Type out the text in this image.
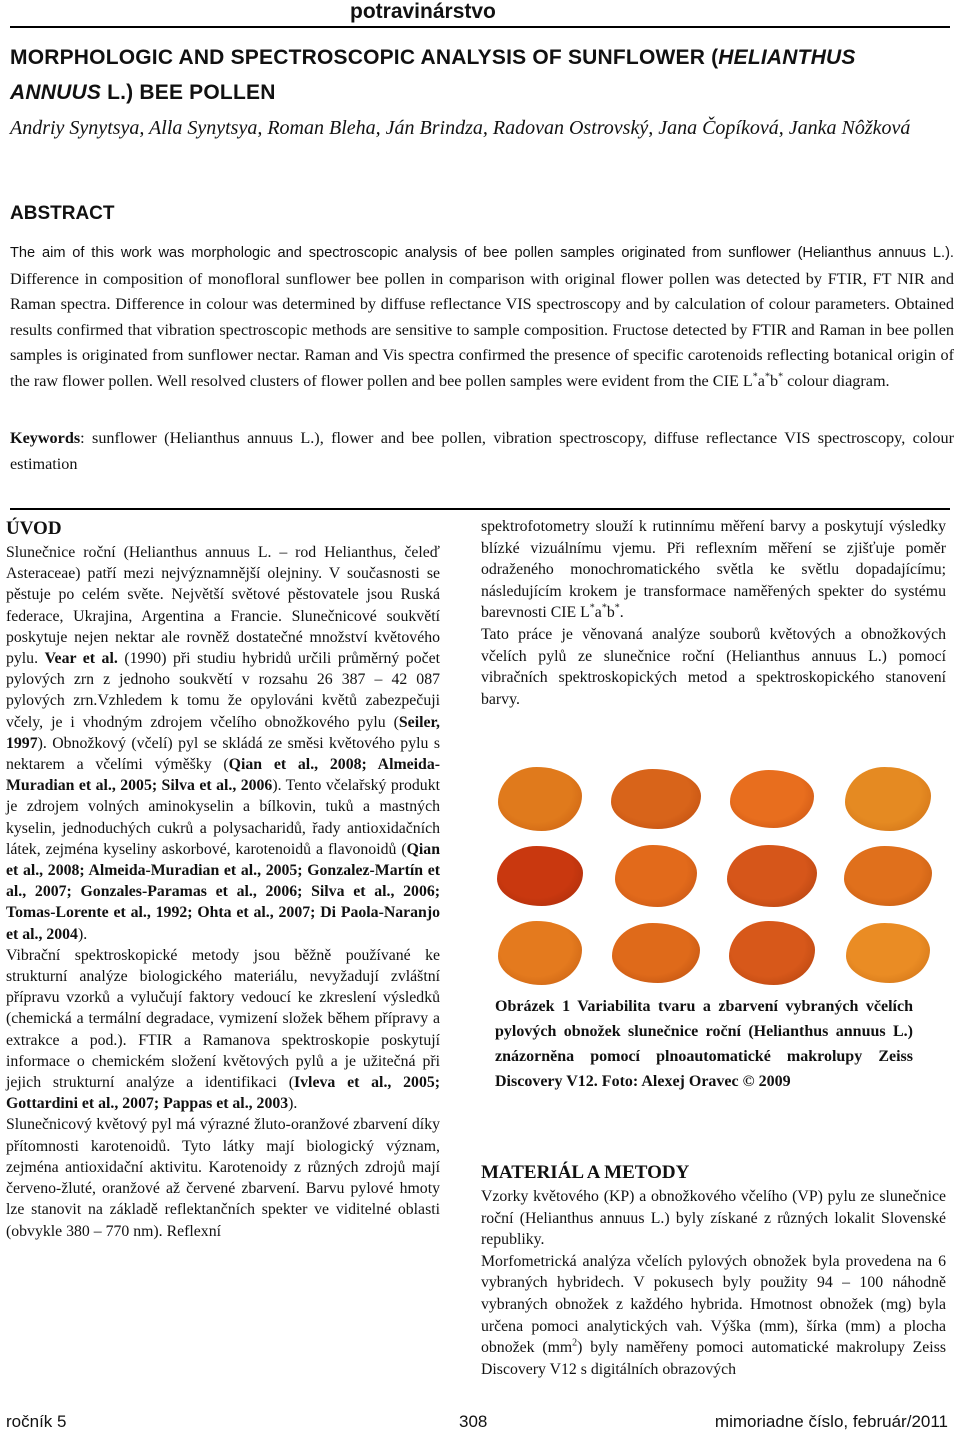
potravinárstvo
MORPHOLOGIC AND SPECTROSCOPIC ANALYSIS OF SUNFLOWER (HELIANTHUS ANNUUS L.) BEE POLLEN
Andriy Synytsya, Alla Synytsya, Roman Bleha, Ján Brindza, Radovan Ostrovský, Jana Čopíková, Janka Nôžková
ABSTRACT
The aim of this work was morphologic and spectroscopic analysis of bee pollen samples originated from sunflower (Helianthus annuus L.). Difference in composition of monofloral sunflower bee pollen in comparison with original flower pollen was detected by FTIR, FT NIR and Raman spectra. Difference in colour was determined by diffuse reflectance VIS spectroscopy and by calculation of colour parameters. Obtained results confirmed that vibration spectroscopic methods are sensitive to sample composition. Fructose detected by FTIR and Raman in bee pollen samples is originated from sunflower nectar. Raman and Vis spectra confirmed the presence of specific carotenoids reflecting botanical origin of the raw flower pollen. Well resolved clusters of flower pollen and bee pollen samples were evident from the CIE L*a*b* colour diagram.
Keywords: sunflower (Helianthus annuus L.), flower and bee pollen, vibration spectroscopy, diffuse reflectance VIS spectroscopy, colour estimation
ÚVOD

Slunečnice roční (Helianthus annuus L. – rod Helianthus, čeleď Asteraceae) patří mezi nejvýznamnější olejniny. V současnosti se pěstuje po celém světe. Největší světové pěstovatele jsou Ruská federace, Ukrajina, Argentina a Francie. Slunečnicové soukvětí poskytuje nejen nektar ale rovněž dostatečné množství květového pylu. Vear et al. (1990) při studiu hybridů určili průměrný počet pylových zrn z jednoho soukvětí v rozsahu 26 387 – 42 087 pylových zrn.Vzhledem k tomu že opylováni květů zabezpečuji včely, je i vhodným zdrojem včelího obnožkového pylu (Seiler, 1997). Obnožkový (včelí) pyl se skládá ze směsi květového pylu s nektarem a včelími výměšky (Qian et al., 2008; Almeida-Muradian et al., 2005; Silva et al., 2006). Tento včelařský produkt je zdrojem volných aminokyselin a bílkovin, tuků a mastných kyselin, jednoduchých cukrů a polysacharidů, řady antioxidačních látek, zejména kyseliny askorbové, karotenoidů a flavonoidů (Qian et al., 2008; Almeida-Muradian et al., 2005; Gonzalez-Martín et al., 2007; Gonzales-Paramas et al., 2006; Silva et al., 2006; Tomas-Lorente et al., 1992; Ohta et al., 2007; Di Paola-Naranjo et al., 2004).

Vibrační spektroskopické metody jsou běžně používané ke strukturní analýze biologického materiálu, nevyžadují zvláštní přípravu vzorků a vylučují faktory vedoucí ke zkreslení výsledků (chemická a termální degradace, vymizení složek během přípravy a extrakce a pod.). FTIR a Ramanova spektroskopie poskytují informace o chemickém složení květových pylů a je užitečná při jejich strukturní analýze a identifikaci (Ivleva et al., 2005; Gottardini et al., 2007; Pappas et al., 2003).

Slunečnicový květový pyl má výrazné žluto-oranžové zbarvení díky přítomnosti karotenoidů. Tyto látky mají biologický význam, zejména antioxidační aktivitu. Karotenoidy z různých zdrojů mají červeno-žluté, oranžové až červené zbarvení. Barvu pylové hmoty lze stanovit na základě reflektančních spekter ve viditelné oblasti (obvykle 380 – 770 nm). Reflexní

spektrofotometry slouží k rutinnímu měření barvy a poskytují výsledky blízké vizuálnímu vjemu. Při reflexním měření se zjišťuje poměr odraženého monochromatického světla ke světlu dopadajícímu; následujícím krokem je transformace naměřených spekter do systému barevnosti CIE L*a*b*.

Tato práce je věnovaná analýze souborů květových a obnožkových včelích pylů ze slunečnice roční (Helianthus annuus L.) pomocí vibračních spektroskopických metod a spektroskopického stanovení barvy.

Obrázek 1 Variabilita tvaru a zbarvení vybraných včelích pylových obnožek slunečnice roční (Helianthus annuus L.) znázorněna pomocí plnoautomatické makrolupy Zeiss Discovery V12. Foto: Alexej Oravec © 2009
MATERIÁL A METODY

Vzorky květového (KP) a obnožkového včelího (VP) pylu ze slunečnice roční (Helianthus annuus L.) byly získané z různých lokalit Slovenské republiky.

Morfometrická analýza včelích pylových obnožek byla provedena na 6 vybraných hybridech. V pokusech byly použity 94 – 100 náhodně vybraných obnožek z každého hybrida. Hmotnost obnožek (mg) byla určena pomoci analytických vah. Výška (mm), šírka (mm) a plocha obnožek $(mm^2)$ byly naměřeny pomoci automatické makrolupy Zeiss Discovery V12 s digitálních obrazových

ročník 5	308	mimoriadne číslo, február/2011
